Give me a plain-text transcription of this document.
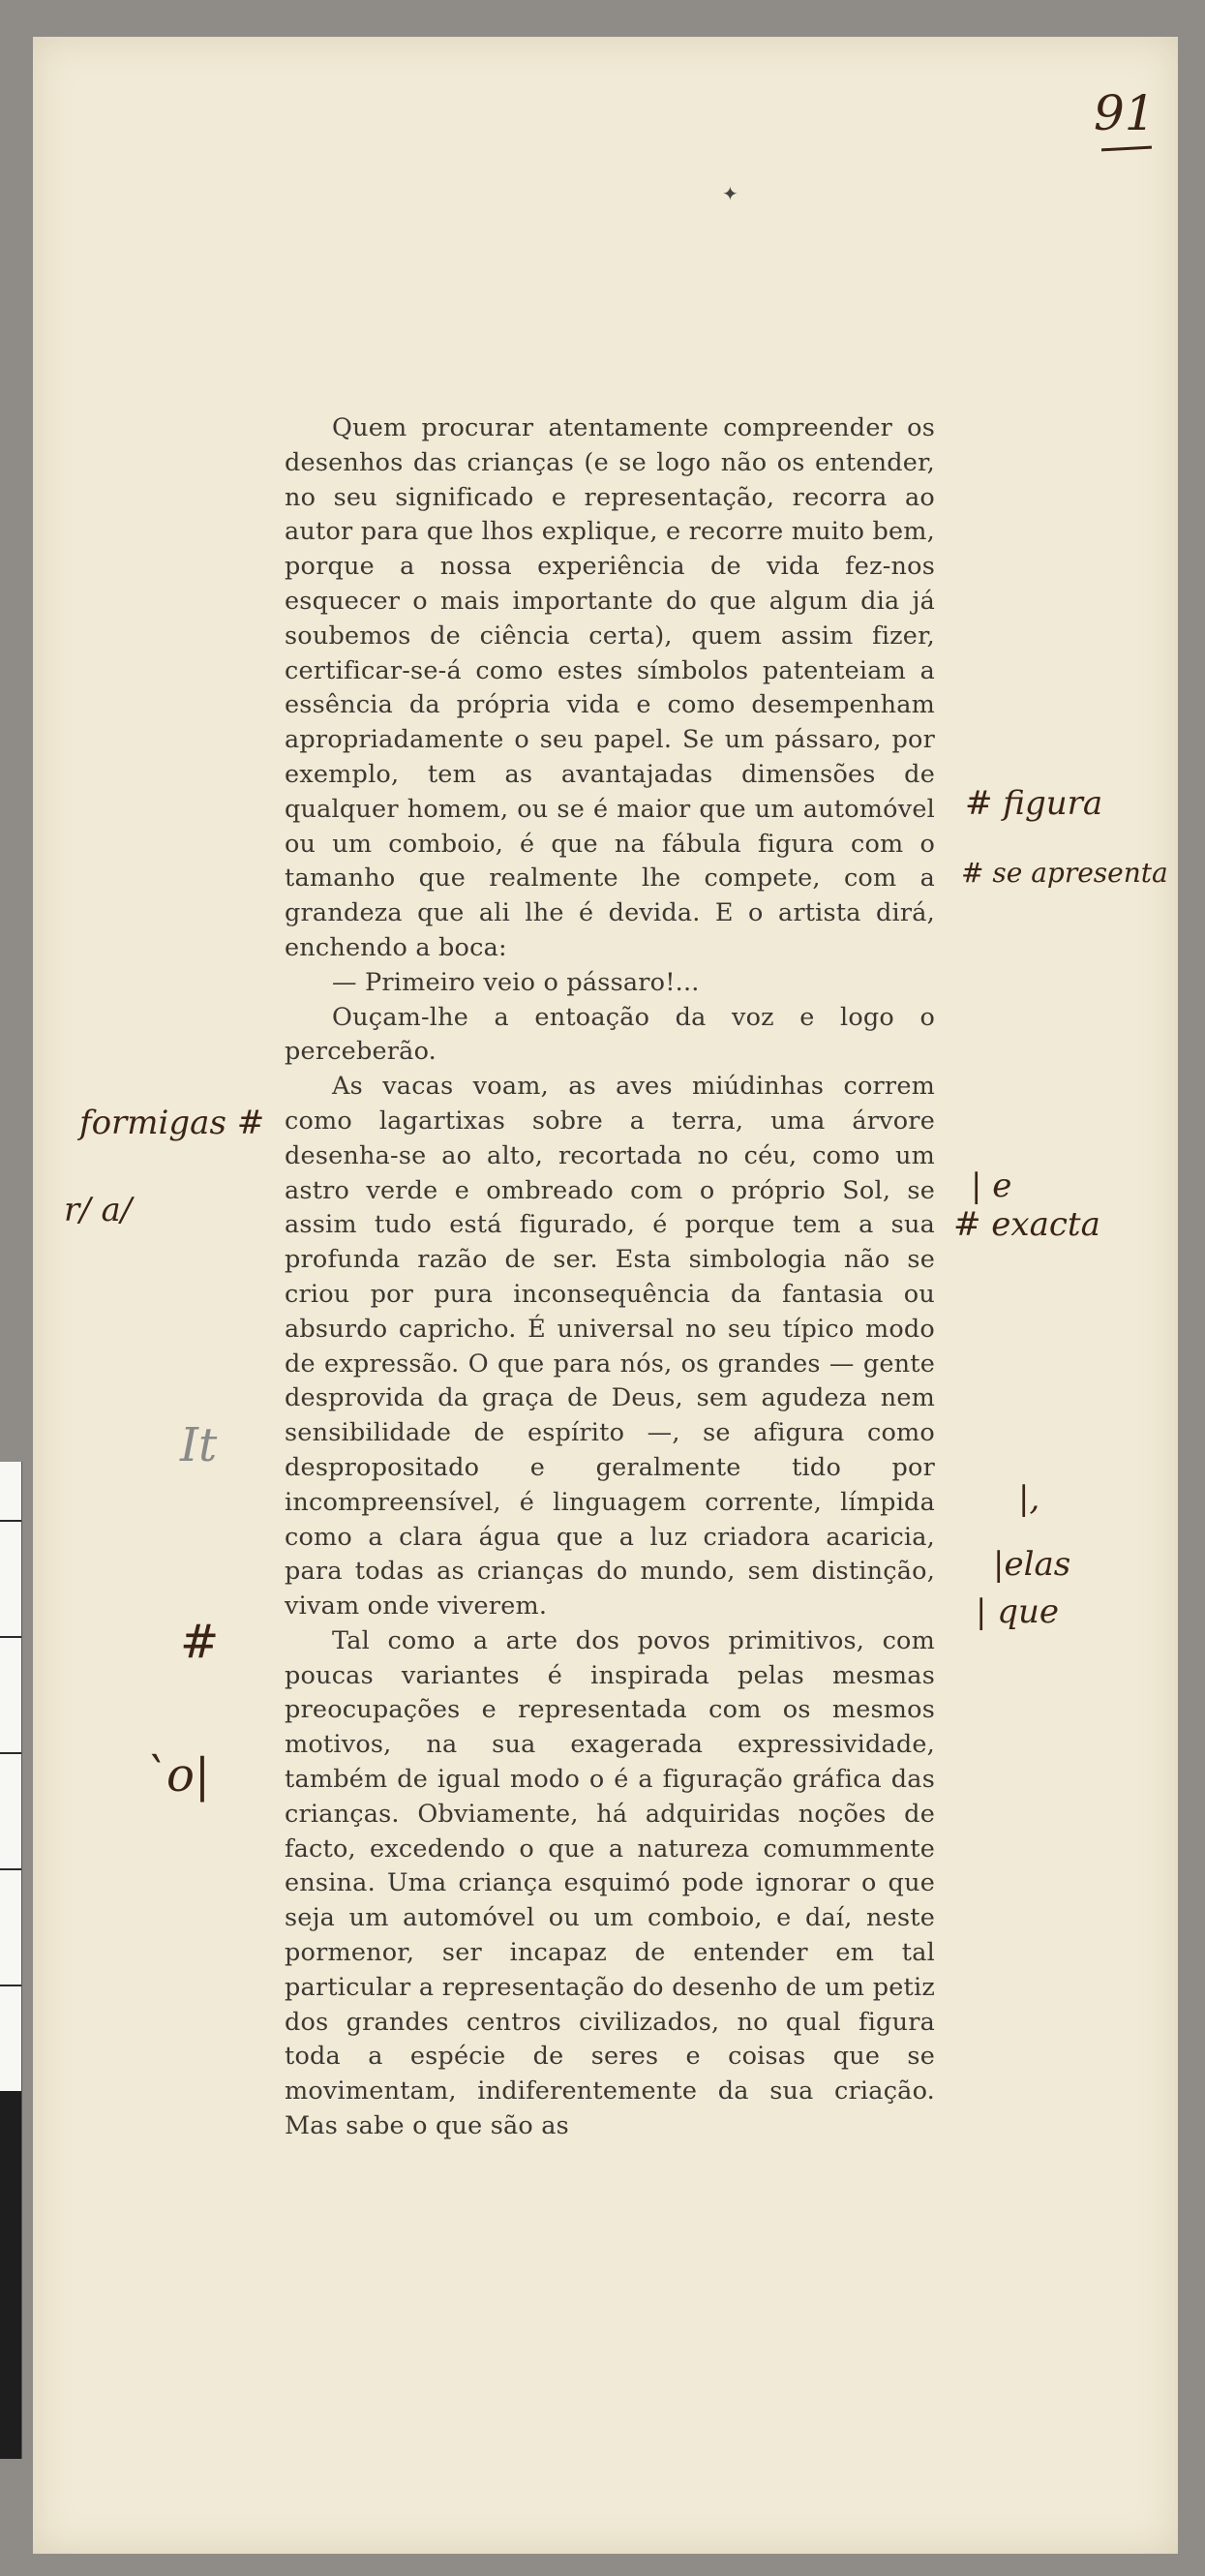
91
✦

Quem procurar atentamente compreender os desenhos das crianças (e se logo não os entender, no seu significado e representação, recorra ao autor para que lhos explique, e recorre muito bem, porque a nossa experiência de vida fez-nos esquecer o mais importante do que algum dia já soubemos de ciência certa), quem assim fizer, certificar-se-á como estes símbolos patenteiam a essência da própria vida e como desempenham apropriadamente o seu papel. Se um pássaro, por exemplo, tem as avantajadas dimensões de qualquer homem, ou se é maior que um automóvel ou um comboio, é que na fábula figura com o tamanho que realmente lhe compete, com a grandeza que ali lhe é devida. E o artista dirá, enchendo a boca:

— Primeiro veio o pássaro!...

Ouçam-lhe a entoação da voz e logo o perceberão.

As vacas voam, as aves miúdinhas correm como lagartixas sobre a terra, uma árvore desenha-se ao alto, recortada no céu, como um astro verde e ombreado com o próprio Sol, se assim tudo está figurado, é porque tem a sua profunda razão de ser. Esta simbologia não se criou por pura inconsequência da fantasia ou absurdo capricho. É universal no seu típico modo de expressão. O que para nós, os grandes — gente desprovida da graça de Deus, sem agudeza nem sensibilidade de espírito —, se afigura como despropositado e geralmente tido por incompreensível, é linguagem corrente, límpida como a clara água que a luz criadora acaricia, para todas as crianças do mundo, sem distinção, vivam onde viverem.

Tal como a arte dos povos primitivos, com poucas variantes é inspirada pelas mesmas preocupações e representada com os mesmos motivos, na sua exagerada expressividade, também de igual modo o é a figuração gráfica das crianças. Obviamente, há adquiridas noções de facto, excedendo o que a natureza comummente ensina. Uma criança esquimó pode ignorar o que seja um automóvel ou um comboio, e daí, neste pormenor, ser incapaz de entender em tal particular a representação do desenho de um petiz dos grandes centros civilizados, no qual figura toda a espécie de seres e coisas que se movimentam, indiferentemente da sua criação. Mas sabe o que são as

# figura
# se apresenta
formigas #
r/ a/
| e
# exacta
It
|,
|elas
| que
#
`o|
